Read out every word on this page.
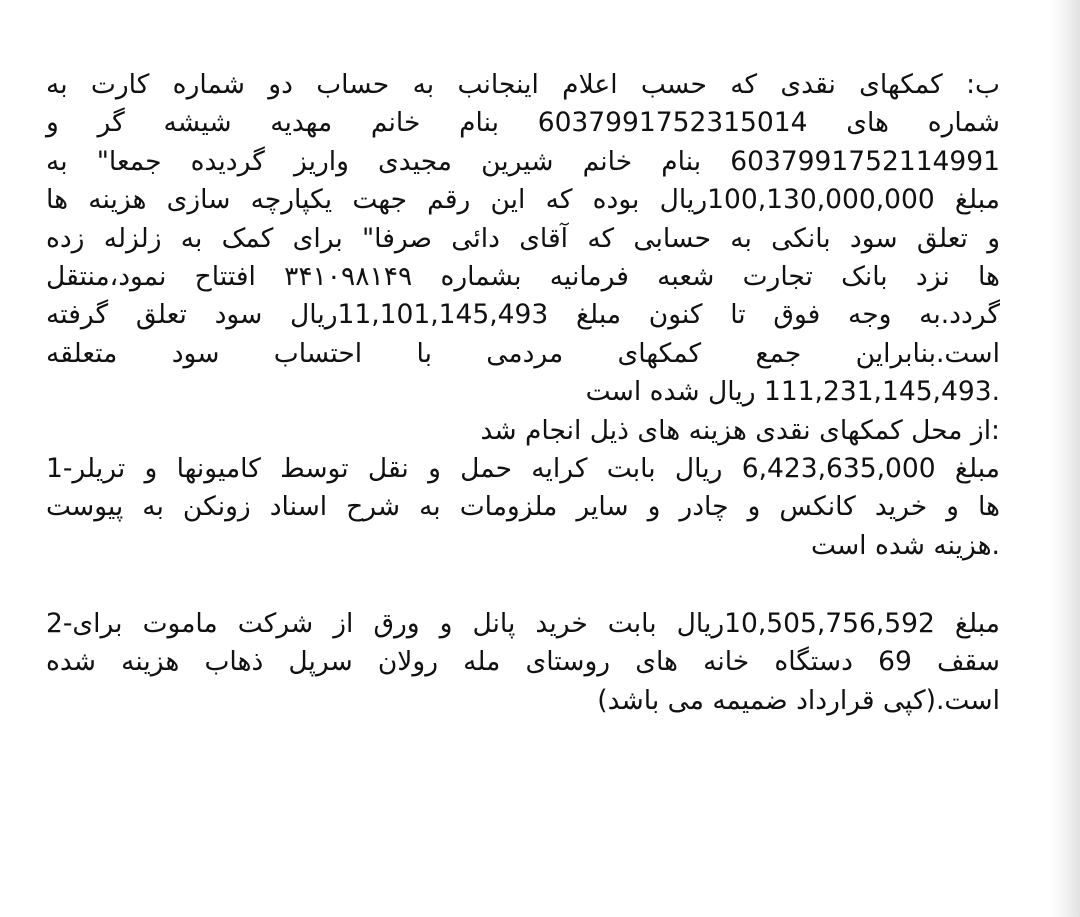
ب: کمکهای نقدی که حسب اعلام اینجانب به حساب دو شماره کارت به
شماره های 6037991752315014 بنام خانم مهدیه شیشه گر و
6037991752114991 بنام خانم شیرین مجیدی واریز گردیده جمعا" به
مبلغ 100,130,000,000ریال بوده که این رقم جهت یکپارچه سازی هزینه ها
و تعلق سود بانکی به حسابی که آقای دائی صرفا" برای کمک به زلزله زده
ها نزد بانک تجارت شعبه فرمانیه بشماره ۳۴۱۰۹۸۱۴۹ افتتاح نمود،منتقل
گردد.به وجه فوق تا کنون مبلغ 11,101,145,493ریال سود تعلق گرفته
است.بنابراین جمع کمکهای مردمی با احتساب سود متعلقه
.111,231,145,493 ریال شده است
:از محل کمکهای نقدی هزینه های ذیل انجام شد
مبلغ 6,423,635,000 ریال بابت کرایه حمل و نقل توسط کامیونها و تریلر-1
ها و خرید کانکس و چادر و سایر ملزومات به شرح اسناد زونکن به پیوست
.هزینه شده است
مبلغ 10,505,756,592ریال بابت خرید پانل و ورق از شرکت ماموت برای-2
سقف 69 دستگاه خانه های روستای مله رولان سرپل ذهاب هزینه شده
است.(کپی قرارداد ضمیمه می باشد)
